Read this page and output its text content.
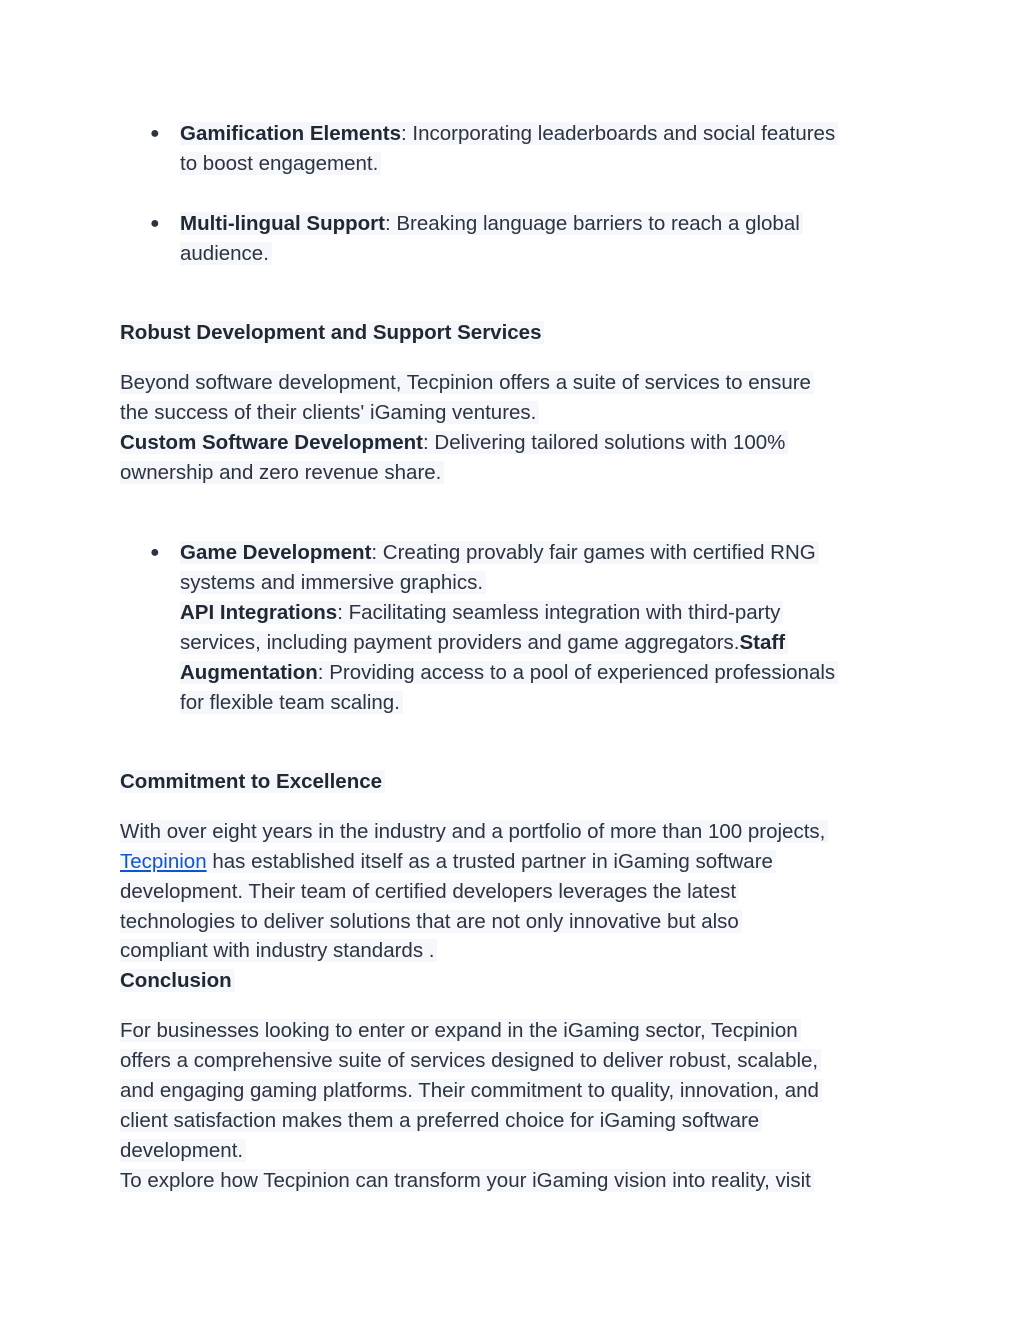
● Gamification Elements: Incorporating leaderboards and social features
to boost engagement.
● Multi-lingual Support: Breaking language barriers to reach a global
audience.
Robust Development and Support Services
Beyond software development, Tecpinion offers a suite of services to ensure
the success of their clients' iGaming ventures.
Custom Software Development: Delivering tailored solutions with 100%
ownership and zero revenue share.
● Game Development: Creating provably fair games with certified RNG
systems and immersive graphics.
API Integrations: Facilitating seamless integration with third-party
services, including payment providers and game aggregators.Staff
Augmentation: Providing access to a pool of experienced professionals
for flexible team scaling.
Commitment to Excellence
With over eight years in the industry and a portfolio of more than 100 projects,
Tecpinion has established itself as a trusted partner in iGaming software
development. Their team of certified developers leverages the latest
technologies to deliver solutions that are not only innovative but also
compliant with industry standards .
Conclusion
For businesses looking to enter or expand in the iGaming sector, Tecpinion
offers a comprehensive suite of services designed to deliver robust, scalable,
and engaging gaming platforms. Their commitment to quality, innovation, and
client satisfaction makes them a preferred choice for iGaming software
development.
To explore how Tecpinion can transform your iGaming vision into reality, visit
